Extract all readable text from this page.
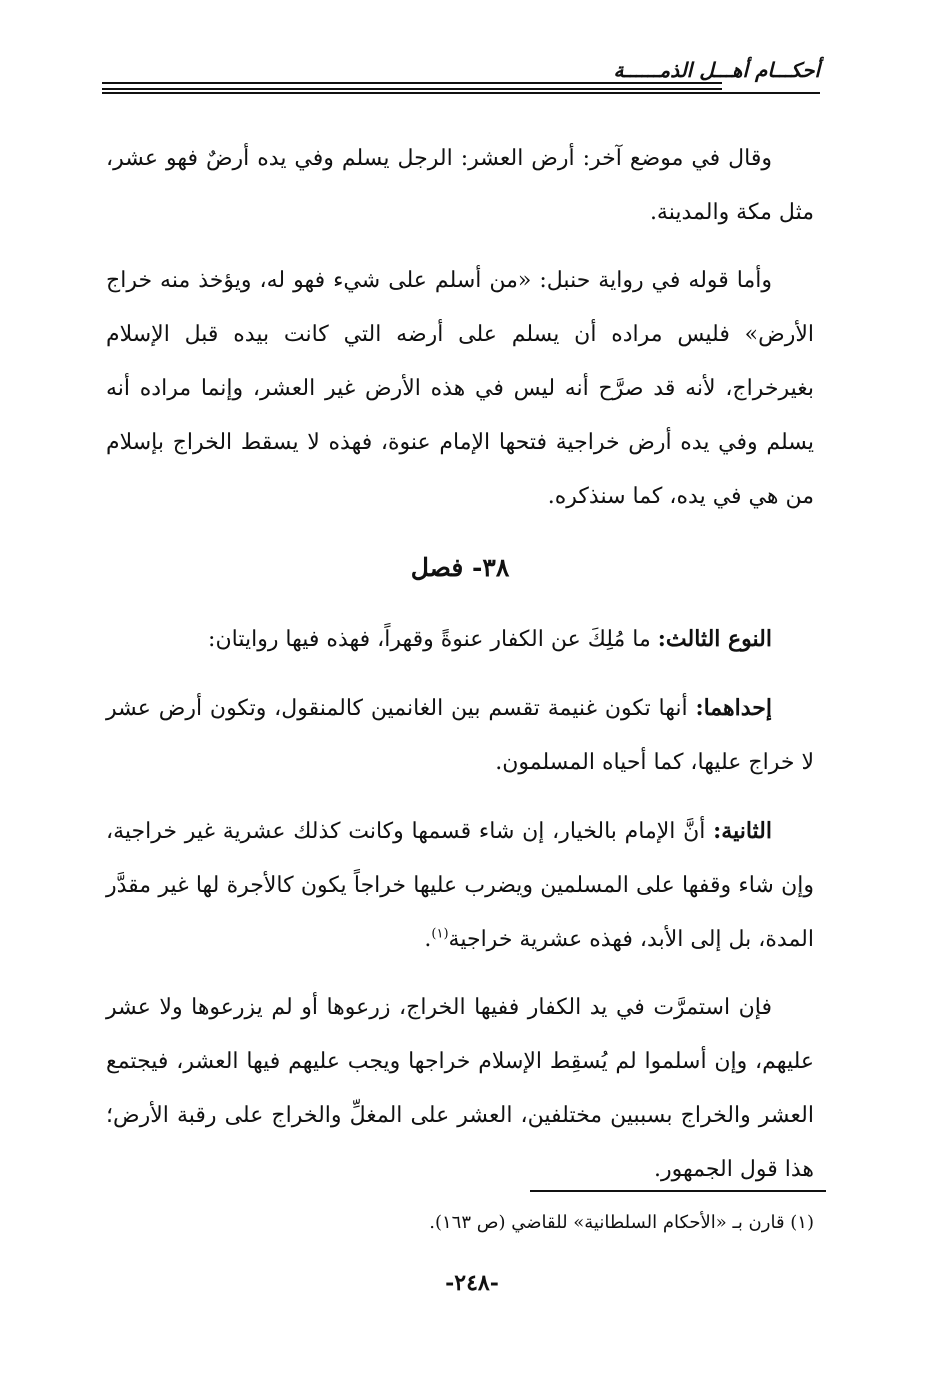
أحكـــام أهـــل الذمــــــة

وقال في موضع آخر: أرض العشر: الرجل يسلم وفي يده أرضٌ فهو عشر، مثل مكة والمدينة.

وأما قوله في رواية حنبل: «من أسلم على شيء فهو له، ويؤخذ منه خراج الأرض» فليس مراده أن يسلم على أرضه التي كانت بيده قبل الإسلام بغيرخراج، لأنه قد صرَّح أنه ليس في هذه الأرض غير العشر، وإنما مراده أنه يسلم وفي يده أرض خراجية فتحها الإمام عنوة، فهذه لا يسقط الخراج بإسلام من هي في يده، كما سنذكره.

٣٨- فصل

النوع الثالث: ما مُلِكَ عن الكفار عنوةً وقهراً، فهذه فيها روايتان:

إحداهما: أنها تكون غنيمة تقسم بين الغانمين كالمنقول، وتكون أرض عشر لا خراج عليها، كما أحياه المسلمون.

الثانية: أنَّ الإمام بالخيار، إن شاء قسمها وكانت كذلك عشرية غير خراجية، وإن شاء وقفها على المسلمين ويضرب عليها خراجاً يكون كالأجرة لها غير مقدَّر المدة، بل إلى الأبد، فهذه عشرية خراجية$^{(١)}$.

فإن استمرَّت في يد الكفار ففيها الخراج، زرعوها أو لم يزرعوها ولا عشر عليهم، وإن أسلموا لم يُسقِط الإسلام خراجها ويجب عليهم فيها العشر، فيجتمع العشر والخراج بسببين مختلفين، العشر على المغلِّ والخراج على رقبة الأرض؛ هذا قول الجمهور.

(١) قارن بـ «الأحكام السلطانية» للقاضي (ص ١٦٣).
-٢٤٨-
